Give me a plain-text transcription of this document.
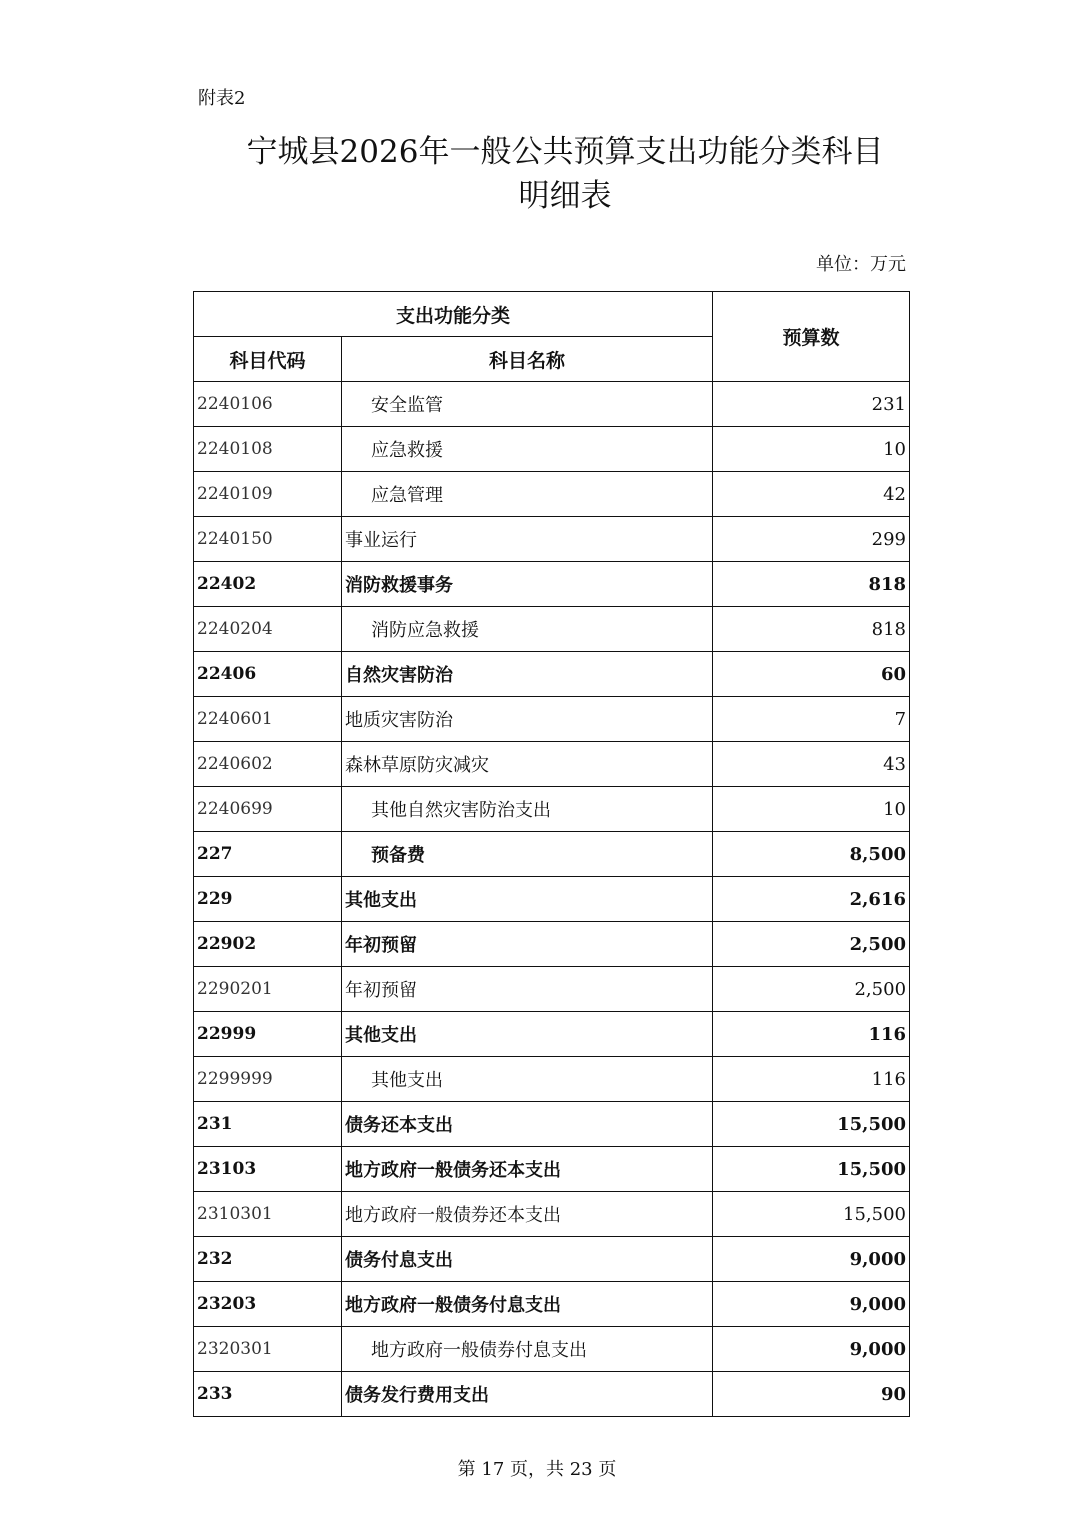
附表2
宁城县2026年一般公共预算支出功能分类科目
明细表
单位：万元
支出功能分类		预算数
科目代码	科目名称	
2240106	安全监管	231
2240108	应急救援	10
2240109	应急管理	42
2240150	事业运行	299
22402	消防救援事务	818
2240204	消防应急救援	818
22406	自然灾害防治	60
2240601	地质灾害防治	7
2240602	森林草原防灾减灾	43
2240699	其他自然灾害防治支出	10
227	预备费	8,500
229	其他支出	2,616
22902	年初预留	2,500
2290201	年初预留	2,500
22999	其他支出	116
2299999	其他支出	116
231	债务还本支出	15,500
23103	地方政府一般债务还本支出	15,500
2310301	地方政府一般债券还本支出	15,500
232	债务付息支出	9,000
23203	地方政府一般债务付息支出	9,000
2320301	地方政府一般债券付息支出	9,000
233	债务发行费用支出	90
第 17 页，共 23 页
